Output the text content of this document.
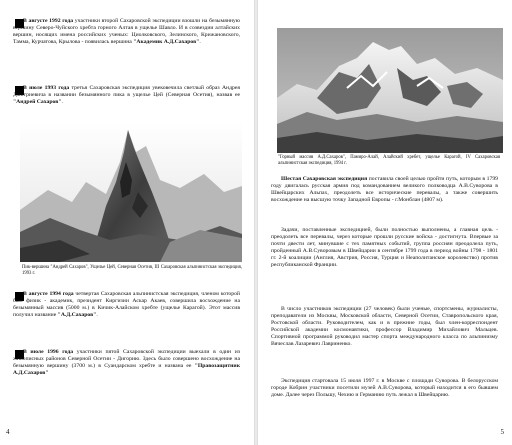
В августе 1992 года участники второй Сахаровской экспедиции взошли на безымянную вершину Северо-Чуйского хребта горного Алтая в ущелье Шавло. И в созвездии алтайских вершин, носящих имена российских ученых: Циолковского, Зелинского, Крижановского, Тамма, Курчатова, Крылова - появилась вершина "Академик А.Д.Сахаров".

В июле 1993 года третья Сахаровская экспедиция увековечила светлый образ Андрея Дмитриевича в названии безымянного пика в ущелье Цей (Северная Осетия), назвав ее "Андрей Сахаров".

Пик-вершина "Андрей Сахаров", Ущелье Цей, Северная Осетия, III Сахаровская альпинистская экспедиция, 1993 г.

В августе 1994 года четвертая Сахаровская альпинистская экспедиция, членом которой был физик - академик, президент Киргизии Аскар Акаев, совершила восхождение на безымянный массив (5000 м.) в Кичик-Алайском хребте (ущелье Карагой). Этот массив получил название "А.Д.Сахаров".

В июле 1996 года участники пятой Сахаровской экспедиции выехали в один из живописных районов Северной Осетии - Дигорию. Здесь было совершено восхождение на безымянную вершину (3700 м.) в Суандарском хребте и названа ее "Правозащитник А.Д.Сахаров"

4

"Горный массив А.Д.Сахаров", Памиро-Алай, Алайский хребет, ущелье Карагой, IV Сахаровская альпинистская экспедиция, 1994 г.

Шестая Сахаровская экспедиция поставила своей целью пройти путь, которым в 1799 году двигалась русская армия под командованием великого полководца А.В.Суворова в Швейцарских Альпах, преодолеть все исторические перевалы, а также совершить восхождение на высшую точку Западной Европы - г.Монблан (4807 м).

Задачи, поставленные экспедицией, были полностью выполнены, а главная цель - преодолеть все перевалы, через которые прошли русские войска - достигнута. Впервые за почти двести лет, минувшие с тех памятных событий, группа россиян преодолела путь, пройденный А.В.Суворовым в Швейцарии в сентябре 1799 года в период войны 1798 - 1801 гг. 2-й коалиции (Англия, Австрия, Россия, Турция и Неаполитанское королевство) против республиканской Франции.

В число участников экспедиции (27 человек) были ученые, спортсмены, журналисты, преподаватели из Москвы, Московской области, Северной Осетии, Ставропольского края, Ростовской области. Руководителем, как и в прежние годы, был член-корреспондент Российской академии космонавтики, профессор Владимир Михайлович Мальцев. Спортивной программой руководил мастер спорта международного класса по альпинизму Вячеслав Лазаревич Лавриненко.

Экспедиция стартовала 15 июля 1997 г. в Москве с площади Суворова. В белорусском городе Кобрин участники посетили музей А.В.Суворова, который находится в его бывшем доме. Далее через Польшу, Чехию и Германию путь лежал в Швейцарию.

5
